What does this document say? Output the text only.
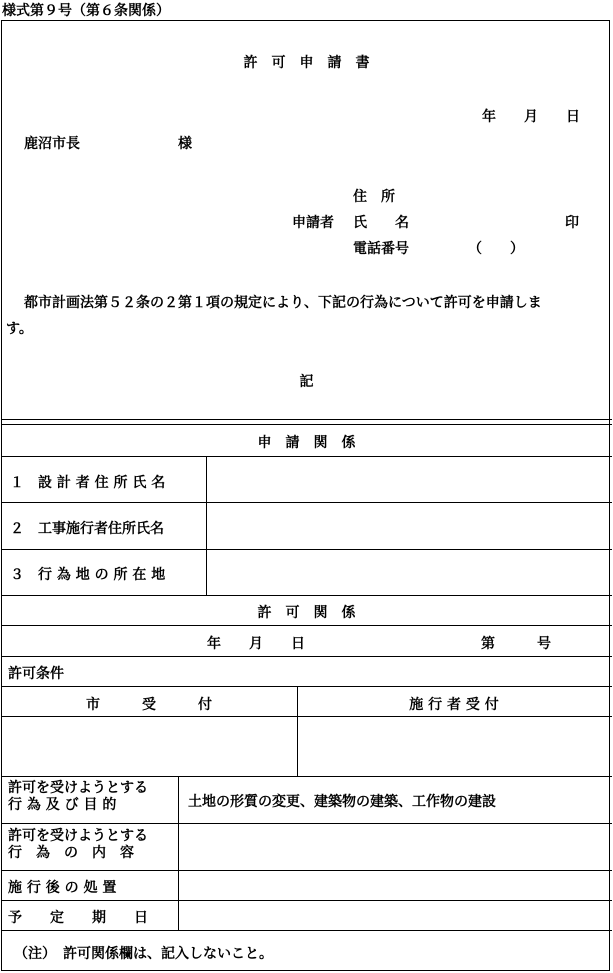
様式第９号（第６条関係）
許　可　申　請　書
年　　月　　日
鹿沼市長	様
住　所
申請者 氏　　名	印
電話番号	（　　）
都市計画法第５２条の２第１項の規定により、下記の行為について許可を申請しま
す。
記
申　請　関　係
１　設 計 者 住 所 氏 名
２　工事施行者住所氏名
３　行 為 地 の 所 在 地
許　可　関　係
年　　月　　日	第　　　号
許可条件
市　　　受　　　付	施 行 者 受 付
許可を受けようとする
行 為 及 び 目 的	土地の形質の変更、建築物の建築、工作物の建設
許可を受けようとする
行　為　の　内　容
施 行 後 の 処 置
予　　定　　期　　日
（注）　許可関係欄は、記入しないこと。
